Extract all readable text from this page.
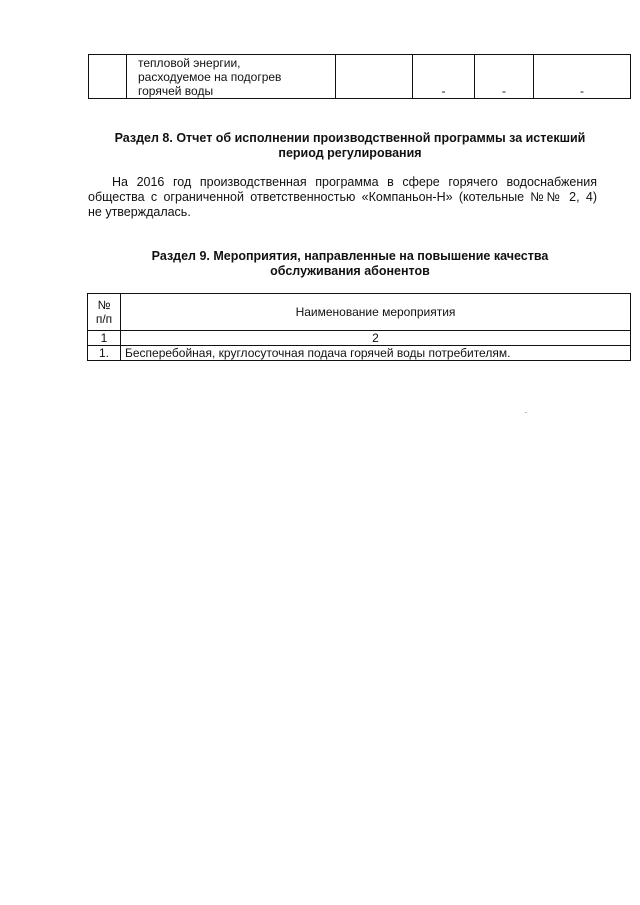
тепловой энергии,
расходуемое на подогрев
горячей воды		-	-	-
Раздел 8. Отчет об исполнении производственной программы за истекший
период регулирования
На 2016 год производственная программа в сфере горячего водоснабжения
общества с ограниченной ответственностью «Компаньон-Н» (котельные №№ 2, 4)
не утверждалась.
Раздел 9. Мероприятия, направленные на повышение качества
обслуживания абонентов
№
п/п	Наименование мероприятия
1	2
1.	Бесперебойная, круглосуточная подача горячей воды потребителям.
